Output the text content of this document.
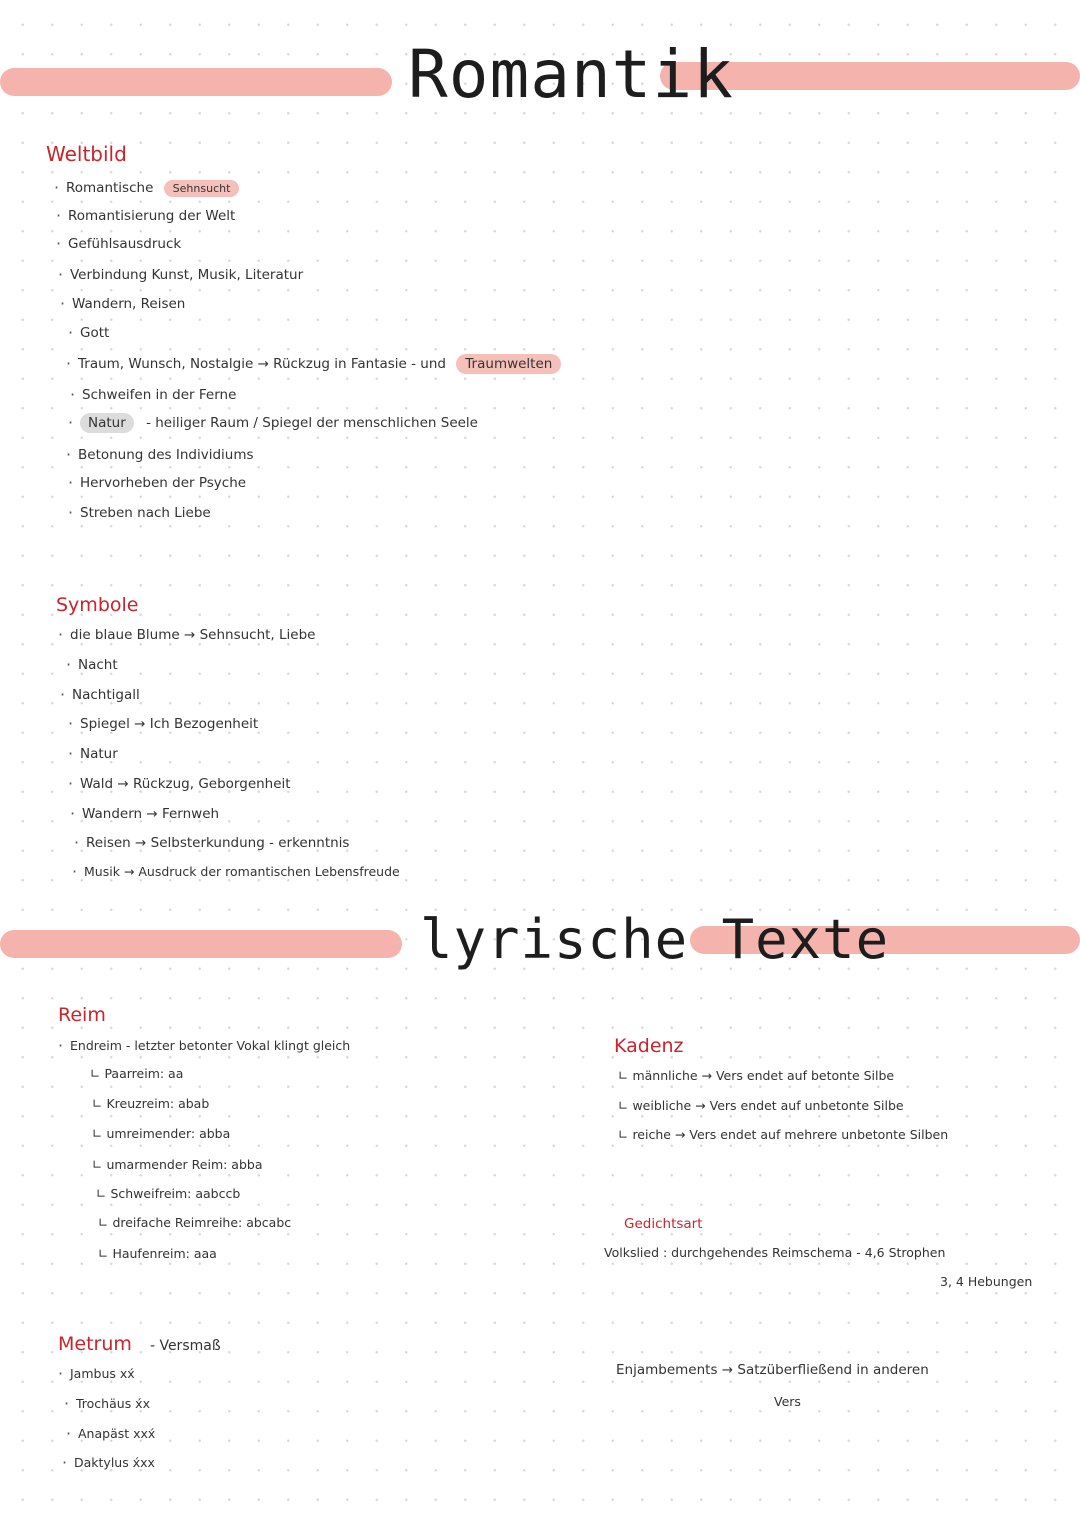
Romantik
Weltbild
· Romantische Sehnsucht
· Romantisierung der Welt
· Gefühlsausdruck
· Verbindung Kunst, Musik, Literatur
· Wandern, Reisen
· Gott
· Traum, Wunsch, Nostalgie → Rückzug in Fantasie - und Traumwelten
· Schweifen in der Ferne
· Natur - heiliger Raum / Spiegel der menschlichen Seele
· Betonung des Individiums
· Hervorheben der Psyche
· Streben nach Liebe
Symbole
· die blaue Blume → Sehnsucht, Liebe
· Nacht
· Nachtigall
· Spiegel → Ich Bezogenheit
· Natur
· Wald → Rückzug, Geborgenheit
· Wandern → Fernweh
· Reisen → Selbsterkundung - erkenntnis
· Musik → Ausdruck der romantischen Lebensfreude
lyrische Texte
Reim
· Endreim - letzter betonter Vokal klingt gleich
∟ Paarreim: aa
∟ Kreuzreim: abab
∟ umreimender: abba
∟ umarmender Reim: abba
∟ Schweifreim: aabccb
∟ dreifache Reimreihe: abcabc
∟ Haufenreim: aaa
Metrum - Versmaß
· Jambus xx́
· Trochäus x́x
· Anapäst xxx́
· Daktylus x́xx
Kadenz
∟ männliche → Vers endet auf betonte Silbe
∟ weibliche → Vers endet auf unbetonte Silbe
∟ reiche → Vers endet auf mehrere unbetonte Silben
Gedichtsart
Volkslied : durchgehendes Reimschema - 4,6 Strophen
3, 4 Hebungen
Enjambements → Satzüberfließend in anderen
Vers
